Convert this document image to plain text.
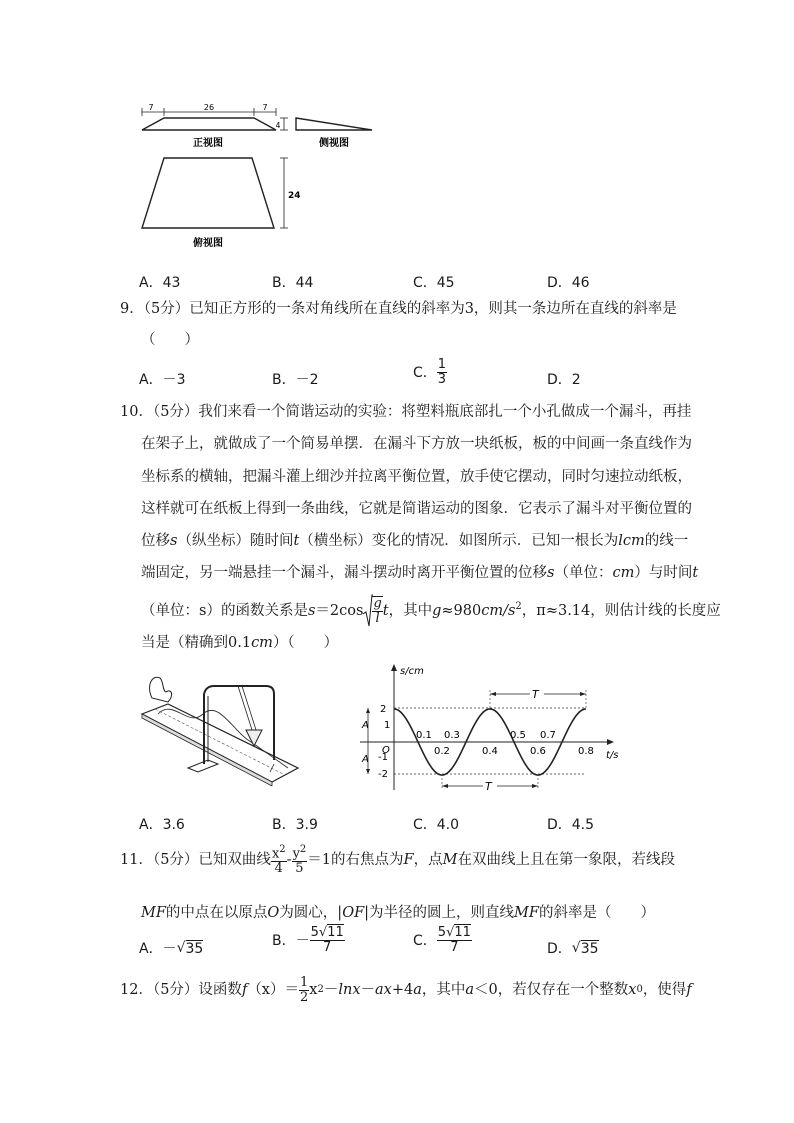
7	26	7
4
正视图	侧视图
24
俯视图
A．43	B．44	C．45	D．46
9．（5分）已知正方形的一条对角线所在直线的斜率为3，则其一条边所在直线的斜率是
（　　）
A．－3	B．－2	C． $\frac{1}{3}$	D．2
10．（5分）我们来看一个简谐运动的实验：将塑料瓶底部扎一个小孔做成一个漏斗，再挂
在架子上，就做成了一个简易单摆．在漏斗下方放一块纸板，板的中间画一条直线作为
坐标系的横轴，把漏斗灌上细沙并拉离平衡位置，放手使它摆动，同时匀速拉动纸板，
这样就可在纸板上得到一条曲线，它就是简谐运动的图象．它表示了漏斗对平衡位置的
位移s（纵坐标）随时间t（横坐标）变化的情况．如图所示．已知一根长为lcm的线一
端固定，另一端悬挂一个漏斗，漏斗摆动时离开平衡位置的位移s（单位：cm）与时间t
（单位：s）的函数关系是 $s =2\cos \frac{g}{l}$ t ，其中 g ≈980 $cm/s^2$ ，π≈3.14，则估计线的长度应
当是（精确到0.1cm）（　　）
s/cm
t/s
2
1
-1
-2
O
A
A
0.2	0.4	0.6	0.8
0.1 0.3	0.5 0.7
T
T
A．3.6	B．3.9	C．4.0	D．4.5
11．（5分）已知双曲线 $\frac{x^2}{4} - \frac{y^2}{5} =1$的右焦点为 F ，点 M 在双曲线上且在第一象限，若线段
MF的中点在以原点O为圆心，|OF|为半径的圆上，则直线MF的斜率是（　　）
A．－ √ 35	B．－ $\frac{5√11}{7}$	C． $\frac{5√11}{7}$	D． √ 35
12．（5分）设函数 f $(x)= \frac{1}{2}$ x 2 － lnx － ax +4 a ，其中 a ＜0，若仅存在一个整数 x 0 ，使得 f
